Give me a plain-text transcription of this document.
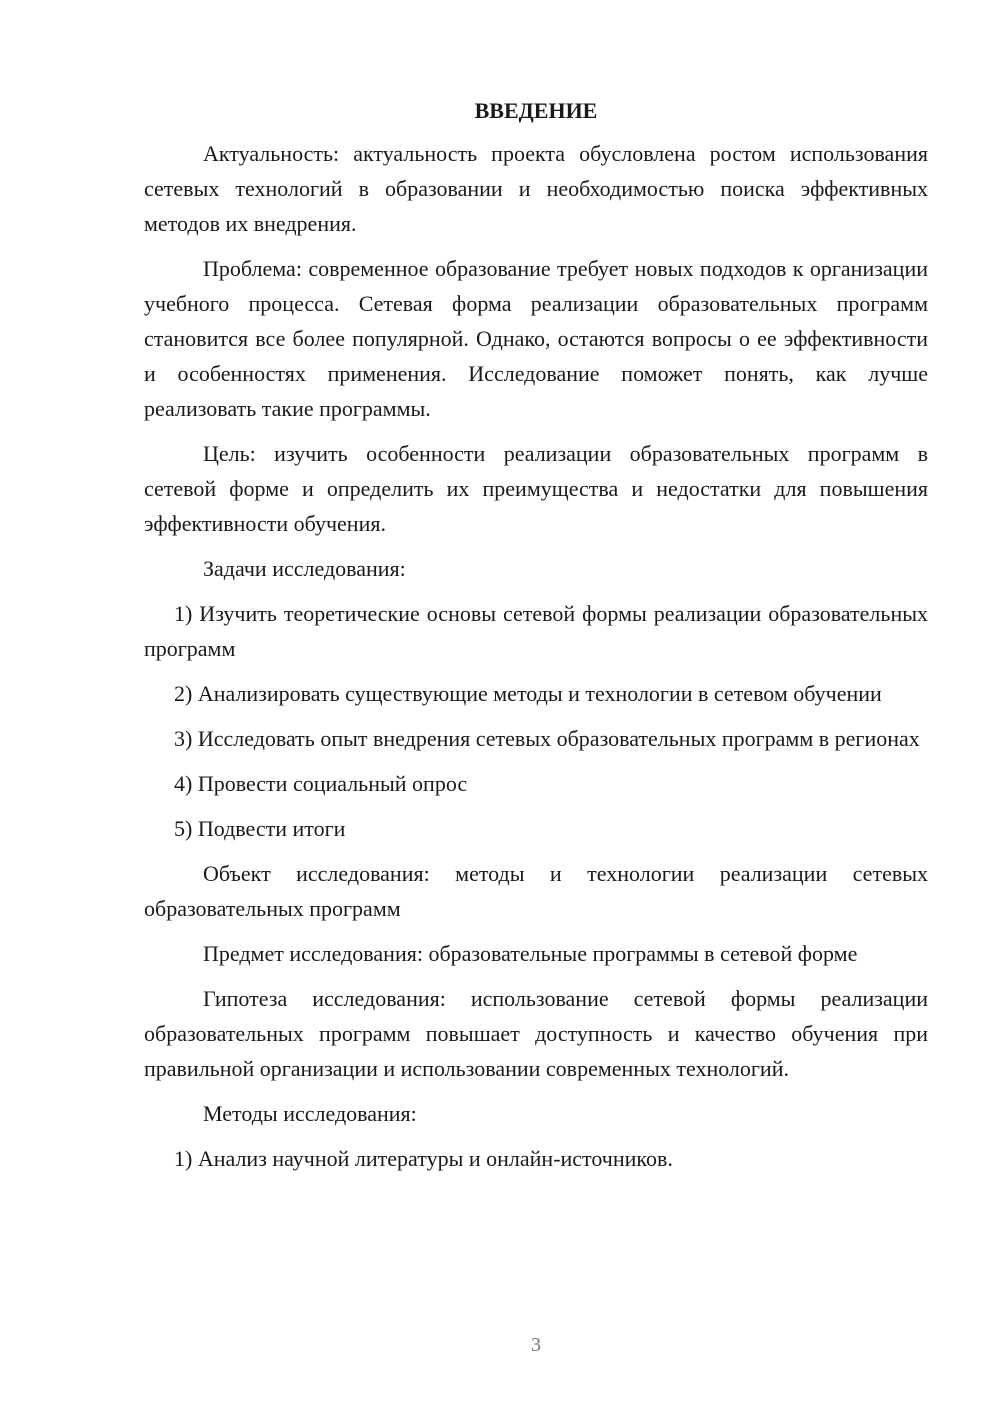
ВВЕДЕНИЕ

Актуальность: актуальность проекта обусловлена ростом использования сетевых технологий в образовании и необходимостью поиска эффективных методов их внедрения.

Проблема: современное образование требует новых подходов к организации учебного процесса. Сетевая форма реализации образовательных программ становится все более популярной. Однако, остаются вопросы о ее эффективности и особенностях применения. Исследование поможет понять, как лучше реализовать такие программы.

Цель: изучить особенности реализации образовательных программ в сетевой форме и определить их преимущества и недостатки для повышения эффективности обучения.

Задачи исследования:

1) Изучить теоретические основы сетевой формы реализации образовательных программ

2) Анализировать существующие методы и технологии в сетевом обучении

3) Исследовать опыт внедрения сетевых образовательных программ в регионах

4) Провести социальный опрос

5) Подвести итоги

Объект исследования: методы и технологии реализации сетевых образовательных программ

Предмет исследования: образовательные программы в сетевой форме

Гипотеза исследования: использование сетевой формы реализации образовательных программ повышает доступность и качество обучения при правильной организации и использовании современных технологий.

Методы исследования:

1) Анализ научной литературы и онлайн-источников.

3
